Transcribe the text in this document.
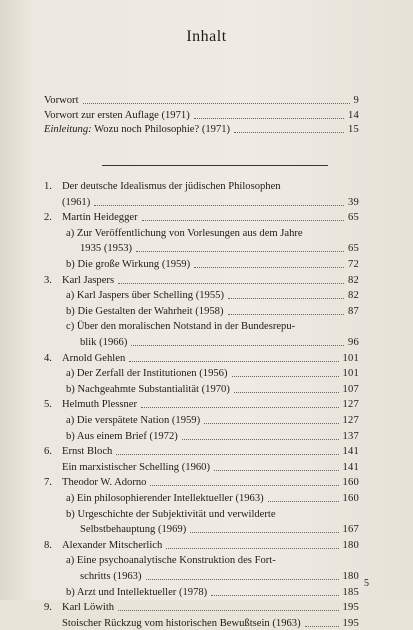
Inhalt
Vorwort	9
Vorwort zur ersten Auflage (1971)	14
Einleitung: Wozu noch Philosophie? (1971)	15
1. Der deutsche Idealismus der jüdischen Philosophen
(1961)	39
2. Martin Heidegger	65
a) Zur Veröffentlichung von Vorlesungen aus dem Jahre
1935 (1953)	65
b) Die große Wirkung (1959)	72
3. Karl Jaspers	82
a) Karl Jaspers über Schelling (1955)	82
b) Die Gestalten der Wahrheit (1958)	87
c) Über den moralischen Notstand in der Bundesrepu-
blik (1966)	96
4. Arnold Gehlen	101
a) Der Zerfall der Institutionen (1956)	101
b) Nachgeahmte Substantialität (1970)	107
5. Helmuth Plessner	127
a) Die verspätete Nation (1959)	127
b) Aus einem Brief (1972)	137
6. Ernst Bloch	141
Ein marxistischer Schelling (1960)	141
7. Theodor W. Adorno	160
a) Ein philosophierender Intellektueller (1963)	160
b) Urgeschichte der Subjektivität und verwilderte
Selbstbehauptung (1969)	167
8. Alexander Mitscherlich	180
a) Eine psychoanalytische Konstruktion des Fort-
schritts (1963)	180
b) Arzt und Intellektueller (1978)	185
9. Karl Löwith	195
Stoischer Rückzug vom historischen Bewußtsein (1963)	195
5
